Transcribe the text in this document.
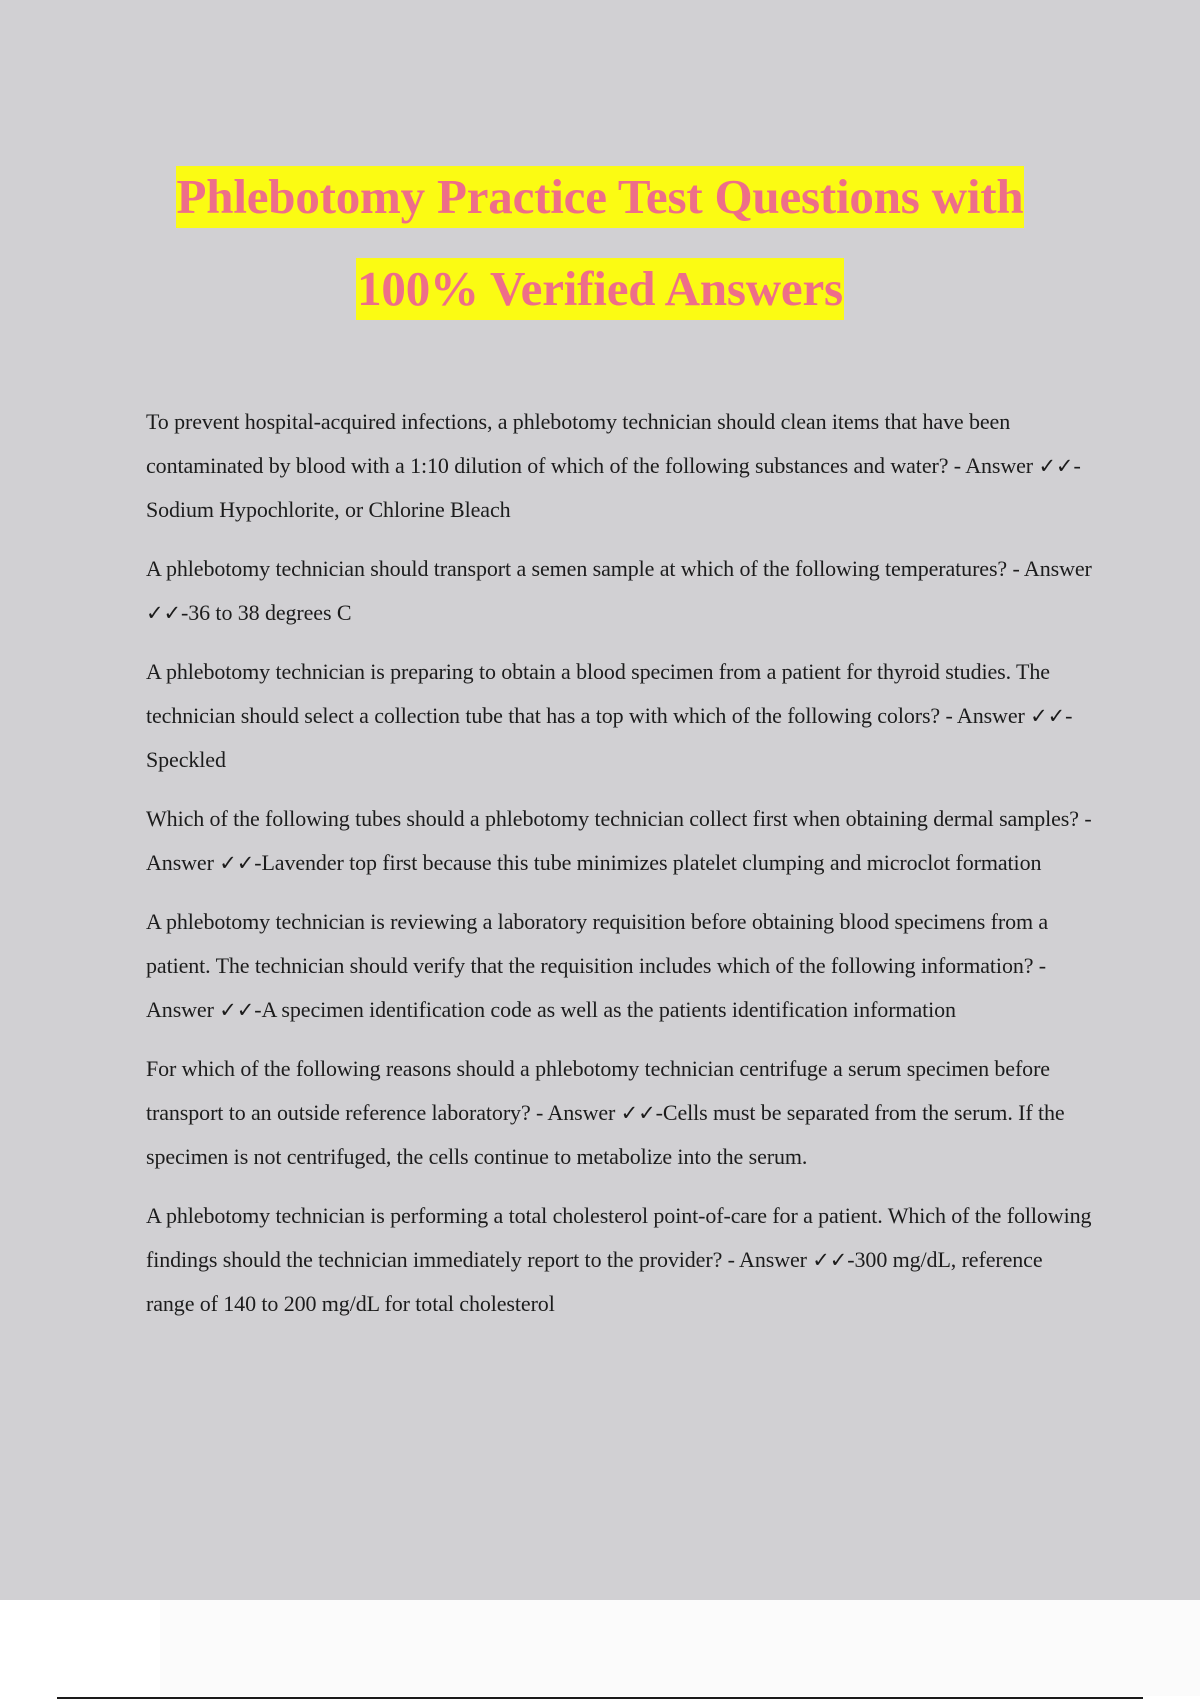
Phlebotomy Practice Test Questions with
100% Verified Answers

To prevent hospital-acquired infections, a phlebotomy technician should clean items that have been contaminated by blood with a 1:10 dilution of which of the following substances and water? - Answer ✓✓-Sodium Hypochlorite, or Chlorine Bleach

A phlebotomy technician should transport a semen sample at which of the following temperatures? - Answer ✓✓-36 to 38 degrees C

A phlebotomy technician is preparing to obtain a blood specimen from a patient for thyroid studies. The technician should select a collection tube that has a top with which of the following colors? - Answer ✓✓-Speckled

Which of the following tubes should a phlebotomy technician collect first when obtaining dermal samples? - Answer ✓✓-Lavender top first because this tube minimizes platelet clumping and microclot formation

A phlebotomy technician is reviewing a laboratory requisition before obtaining blood specimens from a patient. The technician should verify that the requisition includes which of the following information? - Answer ✓✓-A specimen identification code as well as the patients identification information

For which of the following reasons should a phlebotomy technician centrifuge a serum specimen before transport to an outside reference laboratory? - Answer ✓✓-Cells must be separated from the serum. If the specimen is not centrifuged, the cells continue to metabolize into the serum.

A phlebotomy technician is performing a total cholesterol point-of-care for a patient. Which of the following findings should the technician immediately report to the provider? - Answer ✓✓-300 mg/dL, reference range of 140 to 200 mg/dL for total cholesterol
